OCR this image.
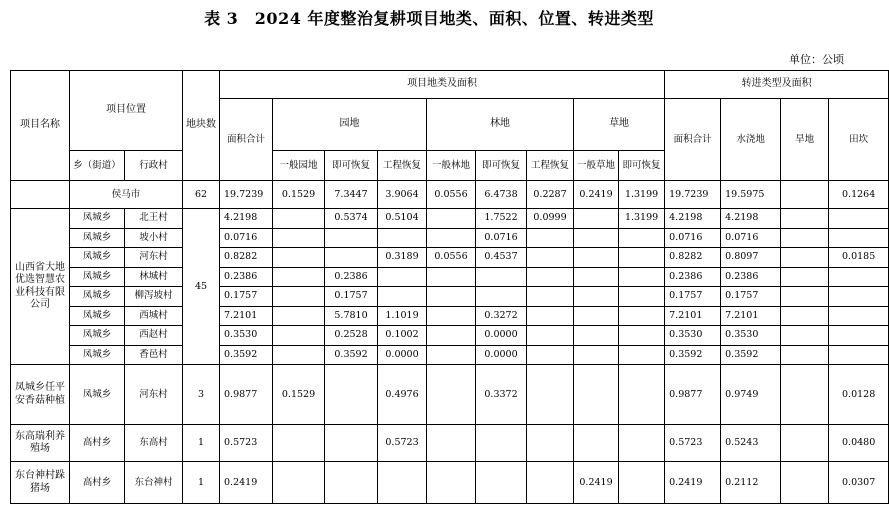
表 3　2024 年度整治复耕项目地类、面积、位置、转进类型
单位：公顷
项目名称	项目位置		地块数	项目地类及面积									转进类型及面积			
				面积合计	园地			林地			草地		面积合计	水浇地	旱地	田坎
	乡（街道）	行政村			一般园地	即可恢复	工程恢复	一般林地	即可恢复	工程恢复	一般草地	即可恢复				
	侯马市		62	19.7239	0.1529	7.3447	3.9064	0.0556	6.4738	0.2287	0.2419	1.3199	19.7239	19.5975		0.1264
山西省大地优选智慧农业科技有限公司	凤城乡	北王村	45	4.2198		0.5374	0.5104		1.7522	0.0999		1.3199	4.2198	4.2198		
	凤城乡	坡小村		0.0716					0.0716				0.0716	0.0716		
	凤城乡	河东村		0.8282			0.3189	0.0556	0.4537				0.8282	0.8097		0.0185
	凤城乡	林城村		0.2386		0.2386							0.2386	0.2386		
	凤城乡	柳泻坡村		0.1757		0.1757							0.1757	0.1757		
	凤城乡	西城村		7.2101		5.7810	1.1019		0.3272				7.2101	7.2101		
	凤城乡	西赵村		0.3530		0.2528	0.1002		0.0000				0.3530	0.3530		
	凤城乡	香邑村		0.3592		0.3592	0.0000		0.0000				0.3592	0.3592		
凤城乡任平安香菇种植	凤城乡	河东村	3	0.9877	0.1529		0.4976		0.3372				0.9877	0.9749		0.0128
东高瑞利养殖场	高村乡	东高村	1	0.5723			0.5723						0.5723	0.5243		0.0480
东台神村跺猪场	高村乡	东台神村	1	0.2419							0.2419		0.2419	0.2112		0.0307
